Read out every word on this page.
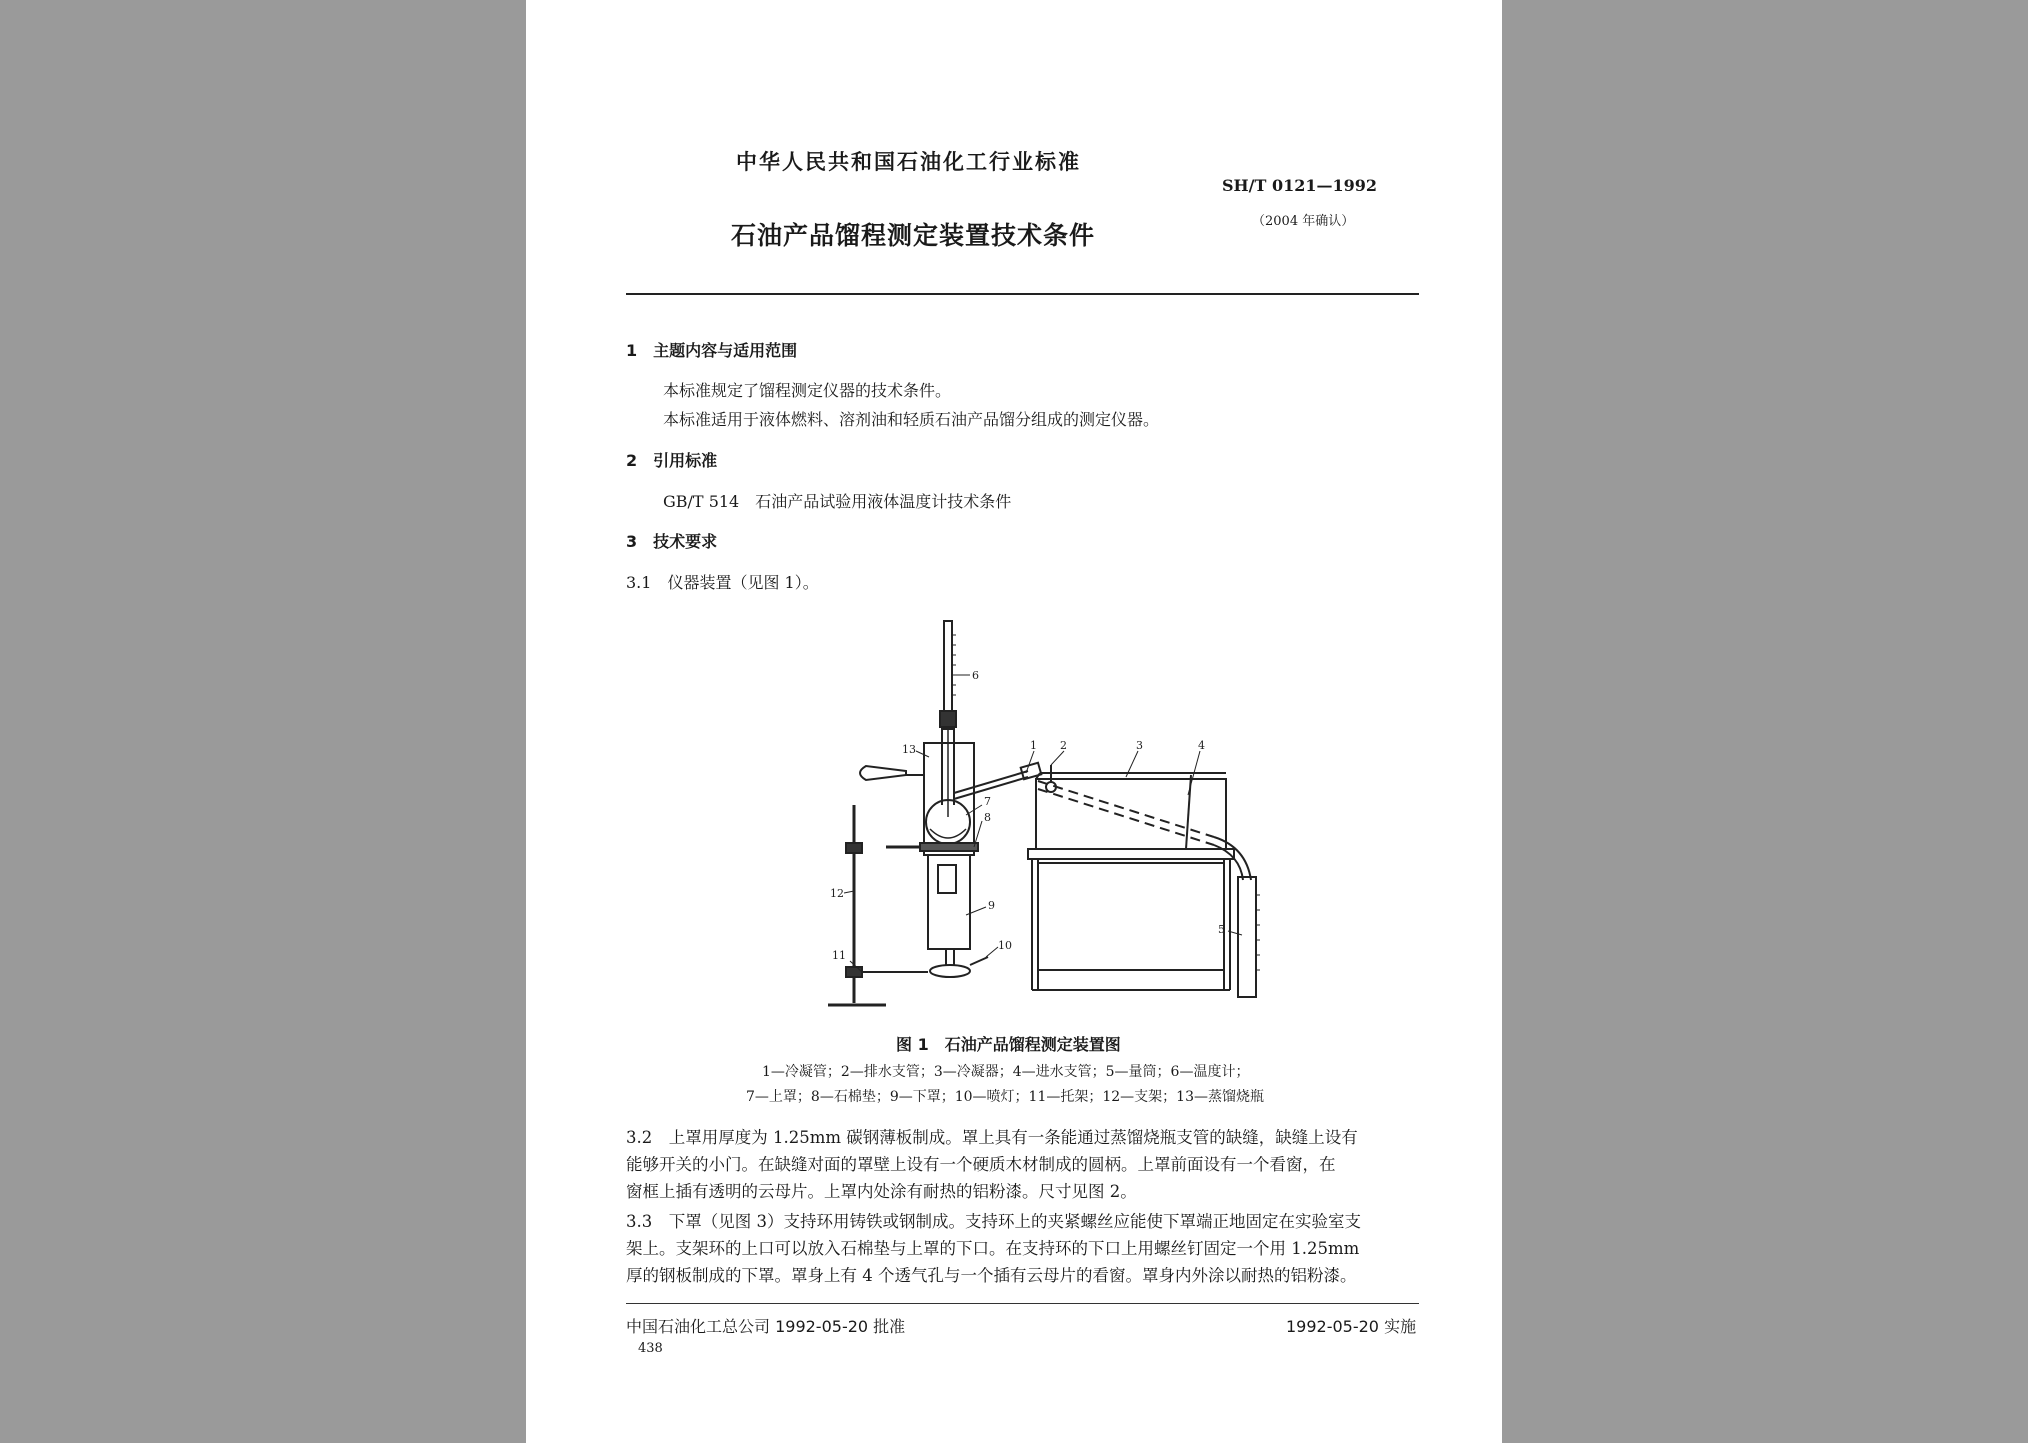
中华人民共和国石油化工行业标准
石油产品馏程测定装置技术条件
SH/T 0121—1992
（2004 年确认）
1　主题内容与适用范围
本标准规定了馏程测定仪器的技术条件。
本标准适用于液体燃料、溶剂油和轻质石油产品馏分组成的测定仪器。
2　引用标准
GB/T 514　石油产品试验用液体温度计技术条件
3　技术要求
3.1　仪器装置（见图 1）。
6
13	1 2	3	4
7
8
9
10
11
12
5
图 1　石油产品馏程测定装置图
1—冷凝管；2—排水支管；3—冷凝器；4—进水支管；5—量筒；6—温度计；
7—上罩；8—石棉垫；9—下罩；10—喷灯；11—托架；12—支架；13—蒸馏烧瓶
3.2　上罩用厚度为 1.25mm 碳钢薄板制成。罩上具有一条能通过蒸馏烧瓶支管的缺缝，缺缝上设有
能够开关的小门。在缺缝对面的罩壁上设有一个硬质木材制成的圆柄。上罩前面设有一个看窗，在
窗框上插有透明的云母片。上罩内处涂有耐热的铝粉漆。尺寸见图 2。
3.3　下罩（见图 3）支持环用铸铁或钢制成。支持环上的夹紧螺丝应能使下罩端正地固定在实验室支
架上。支架环的上口可以放入石棉垫与上罩的下口。在支持环的下口上用螺丝钉固定一个用 1.25mm
厚的钢板制成的下罩。罩身上有 4 个透气孔与一个插有云母片的看窗。罩身内外涂以耐热的铝粉漆。
中国石油化工总公司 1992-05-20 批准	1992-05-20 实施
438
